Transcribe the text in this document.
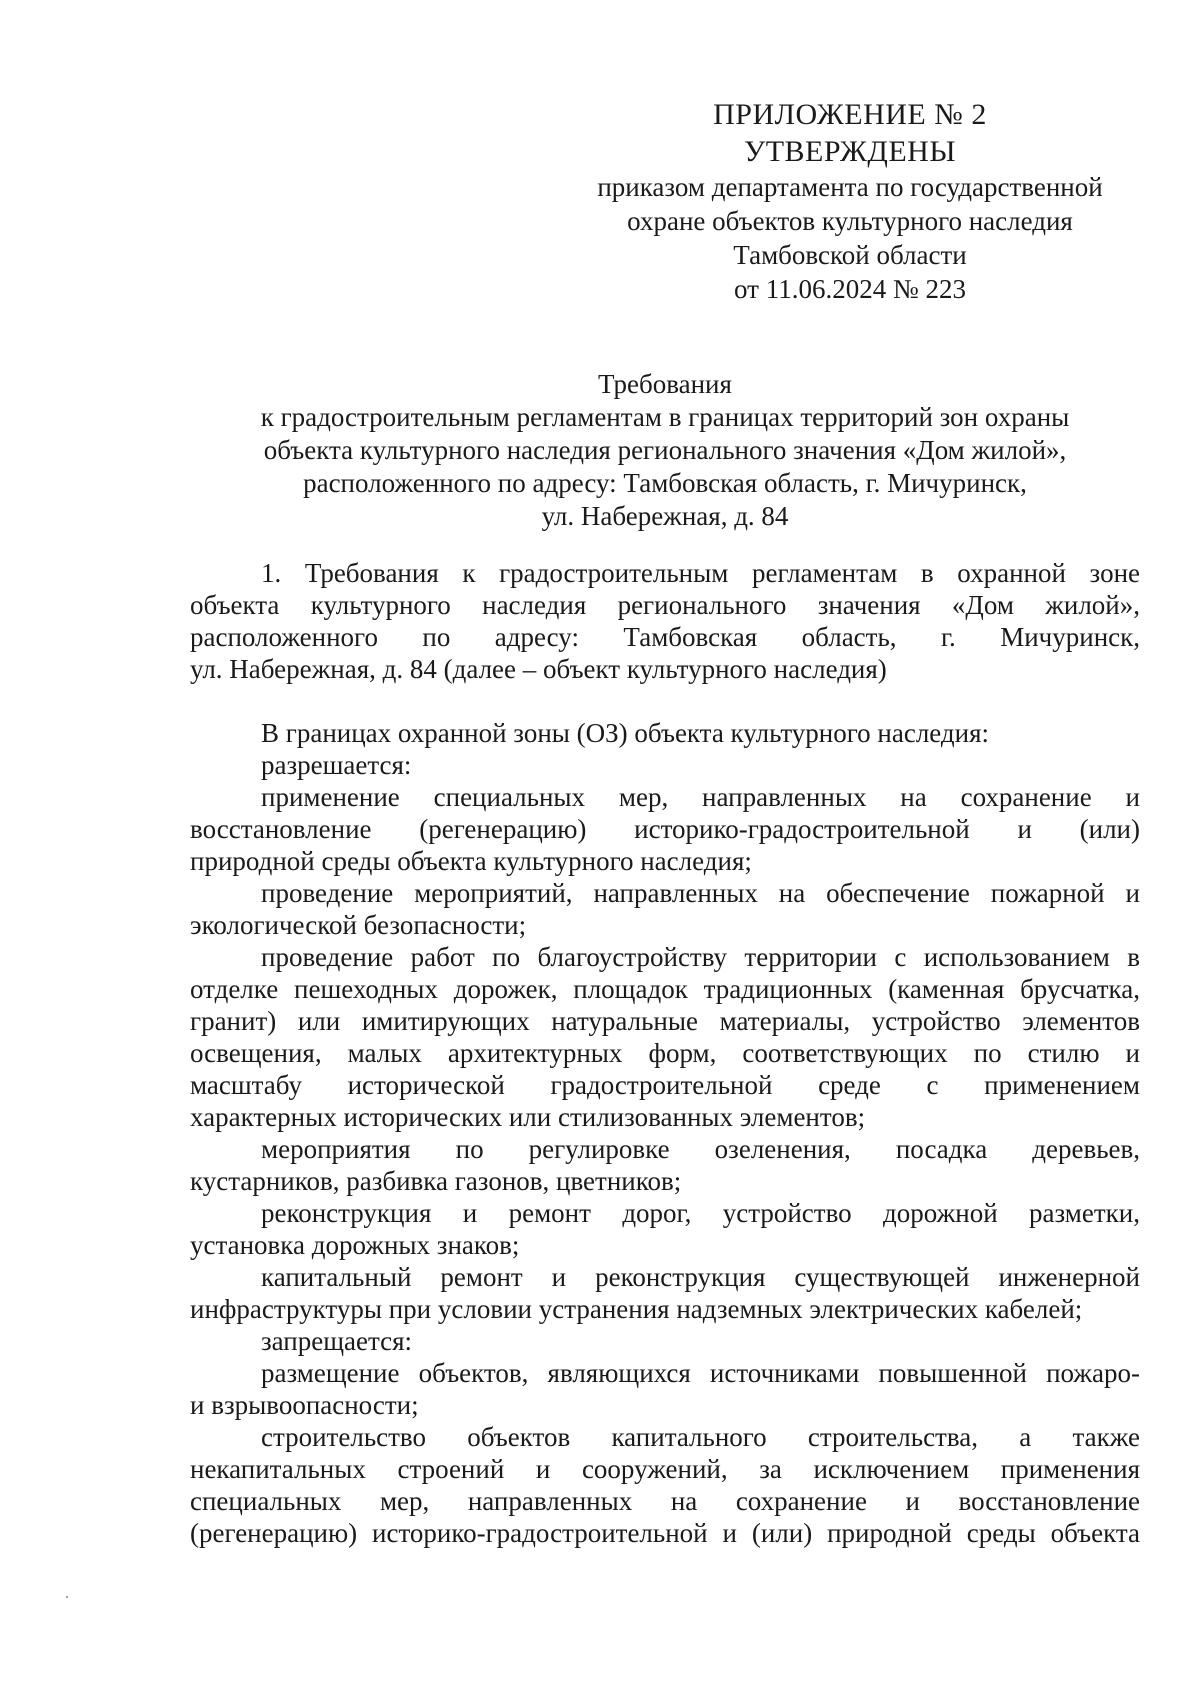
ПРИЛОЖЕНИЕ № 2
УТВЕРЖДЕНЫ
приказом департамента по государственной
охране объектов культурного наследия
Тамбовской области
от 11.06.2024 № 223
Требования
к градостроительным регламентам в границах территорий зон охраны
объекта культурного наследия регионального значения «Дом жилой»,
расположенного по адресу: Тамбовская область, г. Мичуринск,
ул. Набережная, д. 84
1. Требования к градостроительным регламентам в охранной зоне
объекта культурного наследия регионального значения «Дом жилой»,
расположенного по адресу: Тамбовская область, г. Мичуринск,
ул. Набережная, д. 84 (далее – объект культурного наследия)
В границах охранной зоны (ОЗ) объекта культурного наследия:
разрешается:
применение специальных мер, направленных на сохранение и
восстановление (регенерацию) историко-градостроительной и (или)
природной среды объекта культурного наследия;
проведение мероприятий, направленных на обеспечение пожарной и
экологической безопасности;
проведение работ по благоустройству территории с использованием в
отделке пешеходных дорожек, площадок традиционных (каменная брусчатка,
гранит) или имитирующих натуральные материалы, устройство элементов
освещения, малых архитектурных форм, соответствующих по стилю и
масштабу исторической градостроительной среде с применением
характерных исторических или стилизованных элементов;
мероприятия по регулировке озеленения, посадка деревьев,
кустарников, разбивка газонов, цветников;
реконструкция и ремонт дорог, устройство дорожной разметки,
установка дорожных знаков;
капитальный ремонт и реконструкция существующей инженерной
инфраструктуры при условии устранения надземных электрических кабелей;
запрещается:
размещение объектов, являющихся источниками повышенной пожаро-
и взрывоопасности;
строительство объектов капитального строительства, а также
некапитальных строений и сооружений, за исключением применения
специальных мер, направленных на сохранение и восстановление
(регенерацию) историко-градостроительной и (или) природной среды объекта
